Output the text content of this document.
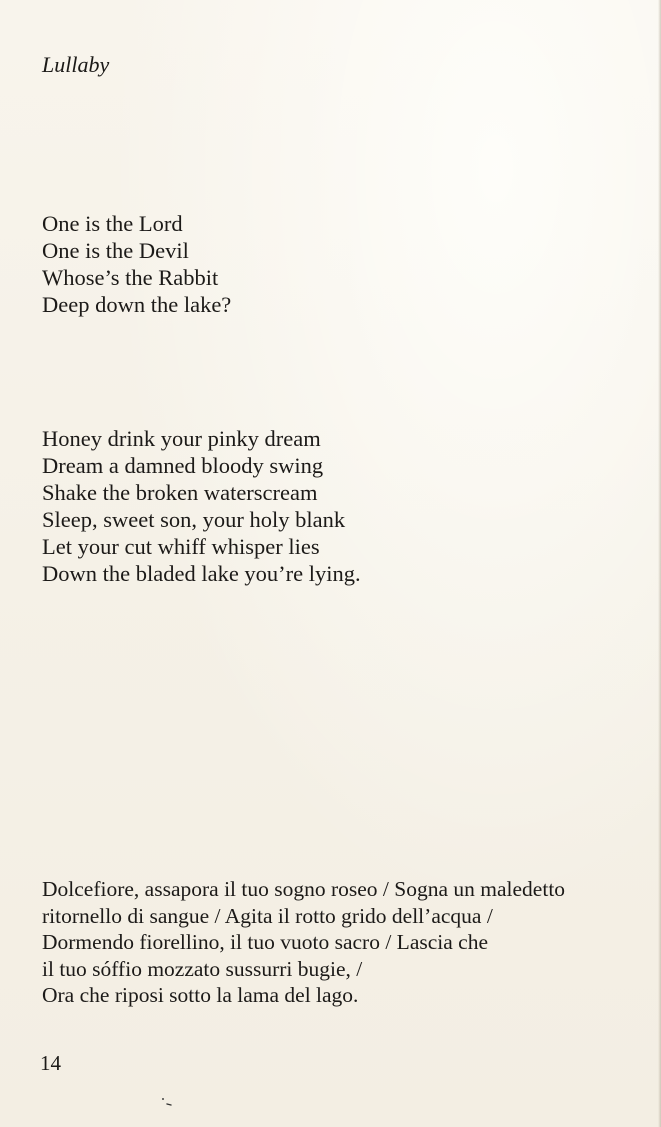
Lullaby
One is the Lord
One is the Devil
Whose’s the Rabbit
Deep down the lake?
Honey drink your pinky dream
Dream a damned bloody swing
Shake the broken waterscream
Sleep, sweet son, your holy blank
Let your cut whiff whisper lies
Down the bladed lake you’re lying.
Dolcefiore, assapora il tuo sogno roseo / Sogna un maledetto
ritornello di sangue / Agita il rotto grido dell’acqua /
Dormendo fiorellino, il tuo vuoto sacro / Lascia che
il tuo sóffio mozzato sussurri bugie, /
Ora che riposi sotto la lama del lago.
14
